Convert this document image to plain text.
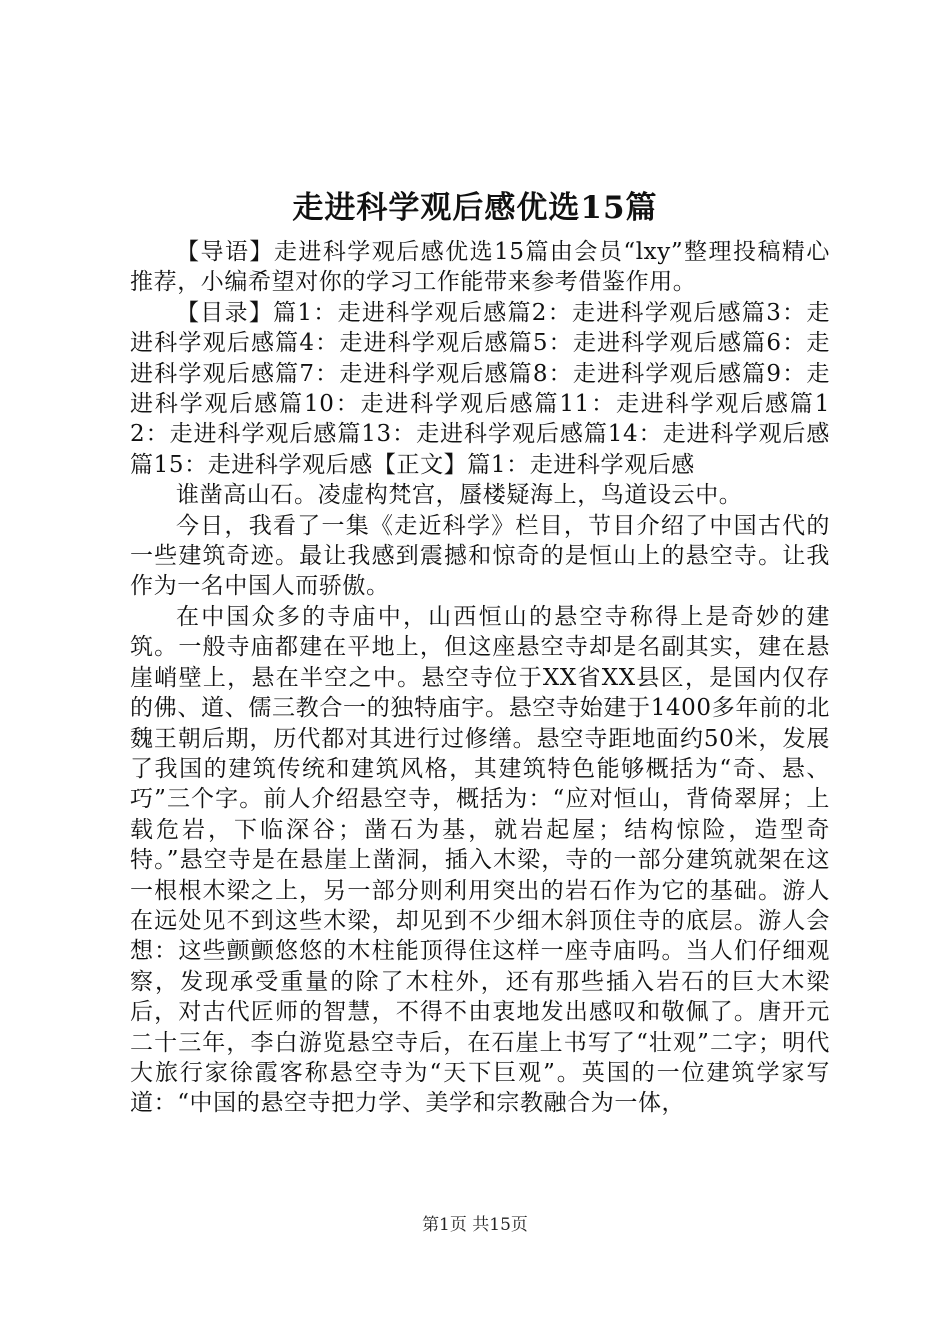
走进科学观后感优选15篇

【导语】走进科学观后感优选15篇由会员“lxy”整理投稿精心推荐，小编希望对你的学习工作能带来参考借鉴作用。

【目录】篇1：走进科学观后感篇2：走进科学观后感篇3：走进科学观后感篇4：走进科学观后感篇5：走进科学观后感篇6：走进科学观后感篇7：走进科学观后感篇8：走进科学观后感篇9：走进科学观后感篇10：走进科学观后感篇11：走进科学观后感篇12：走进科学观后感篇13：走进科学观后感篇14：走进科学观后感篇15：走进科学观后感【正文】篇1：走进科学观后感

谁凿高山石。凌虚构梵宫，蜃楼疑海上，鸟道设云中。

今日，我看了一集《走近科学》栏目，节目介绍了中国古代的一些建筑奇迹。最让我感到震撼和惊奇的是恒山上的悬空寺。让我作为一名中国人而骄傲。

在中国众多的寺庙中，山西恒山的悬空寺称得上是奇妙的建筑。一般寺庙都建在平地上，但这座悬空寺却是名副其实，建在悬崖峭壁上，悬在半空之中。悬空寺位于XX省XX县区，是国内仅存的佛、道、儒三教合一的独特庙宇。悬空寺始建于1400多年前的北魏王朝后期，历代都对其进行过修缮。悬空寺距地面约50米，发展了我国的建筑传统和建筑风格，其建筑特色能够概括为“奇、悬、巧”三个字。前人介绍悬空寺，概括为：“应对恒山，背倚翠屏；上载危岩，下临深谷；凿石为基，就岩起屋；结构惊险，造型奇特。”悬空寺是在悬崖上凿洞，插入木梁，寺的一部分建筑就架在这一根根木梁之上，另一部分则利用突出的岩石作为它的基础。游人在远处见不到这些木梁，却见到不少细木斜顶住寺的底层。游人会想：这些颤颤悠悠的木柱能顶得住这样一座寺庙吗。当人们仔细观察，发现承受重量的除了木柱外，还有那些插入岩石的巨大木梁后，对古代匠师的智慧，不得不由衷地发出感叹和敬佩了。唐开元二十三年，李白游览悬空寺后，在石崖上书写了“壮观”二字；明代大旅行家徐霞客称悬空寺为“天下巨观”。英国的一位建筑学家写道：“中国的悬空寺把力学、美学和宗教融合为一体，

第1页 共15页
